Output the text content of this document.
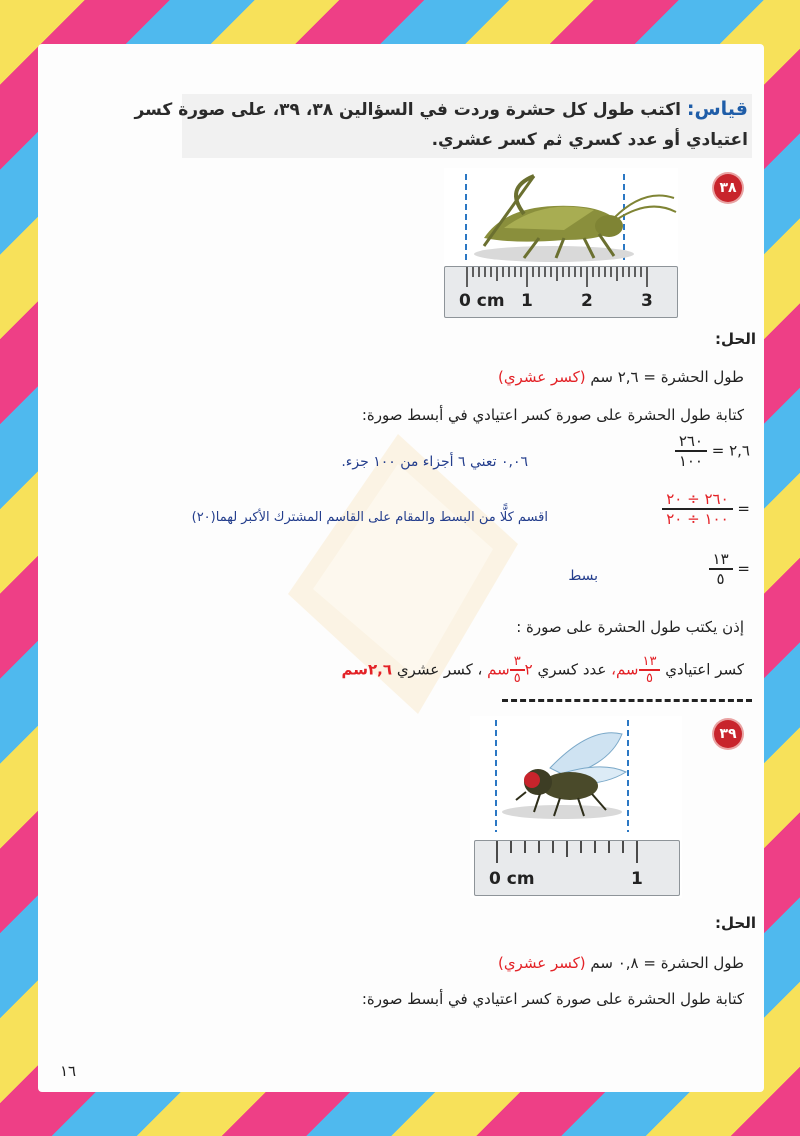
قياس: اكتب طول كل حشرة وردت في السؤالين ٣٨، ٣٩، على صورة كسر
اعتيادي أو عدد كسري ثم كسر عشري.
٣٨
0 cm 1	2	3
الحل:
طول الحشرة = ٢,٦ سم (كسر عشري)
كتابة طول الحشرة على صورة كسر اعتيادي في أبسط صورة:
٢,٦ =
$\frac{٢٦٠}{١٠٠}$
٠,٠٦ تعني ٦ أجزاء من ١٠٠ جزء.
=
$\frac{٢٦٠ \div ٢٠}{١٠٠ \div ٢٠}$
اقسم كلًّا من البسط والمقام على القاسم المشترك الأكبر لهما(٢٠)
=
$\frac{١٣}{٥}$
بسط
إذن يكتب طول الحشرة على صورة :
كسر اعتيادي
$\frac{١٣}{٥}$
سم، عدد كسري ٢
$\frac{٣}{٥}$
سم ، كسر عشري ٢,٦سم
٣٩
0 cm	1
الحل:
طول الحشرة = ٠,٨ سم (كسر عشري)
كتابة طول الحشرة على صورة كسر اعتيادي في أبسط صورة:
١٦
